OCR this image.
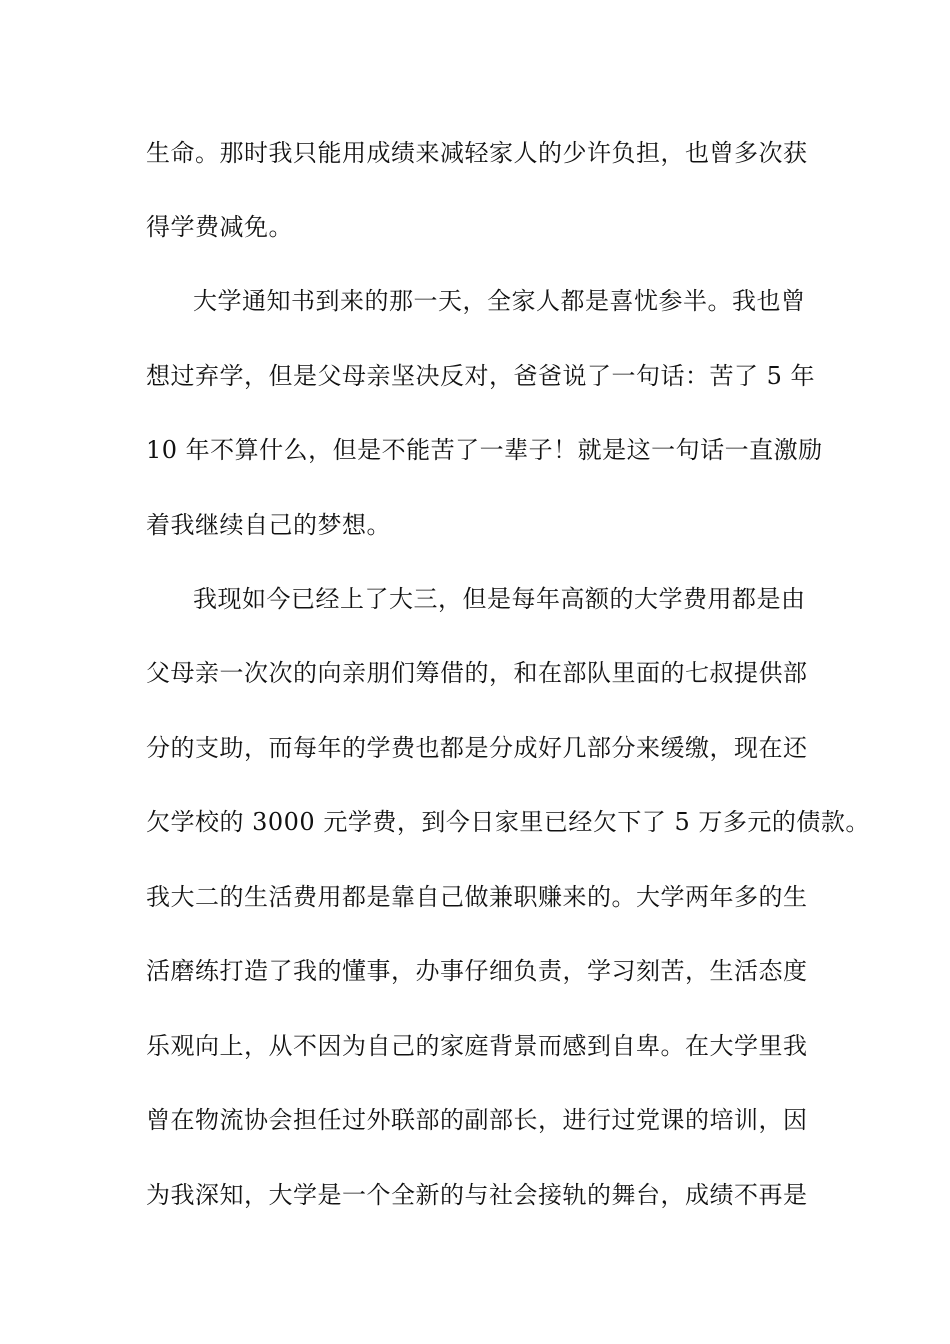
生命。那时我只能用成绩来减轻家人的少许负担，也曾多次获
得学费减免。
大学通知书到来的那一天，全家人都是喜忧参半。我也曾
想过弃学，但是父母亲坚决反对，爸爸说了一句话：苦了 5 年
10 年不算什么，但是不能苦了一辈子！就是这一句话一直激励
着我继续自己的梦想。
我现如今已经上了大三，但是每年高额的大学费用都是由
父母亲一次次的向亲朋们筹借的，和在部队里面的七叔提供部
分的支助，而每年的学费也都是分成好几部分来缓缴，现在还
欠学校的 3000 元学费，到今日家里已经欠下了 5 万多元的债款。
我大二的生活费用都是靠自己做兼职赚来的。大学两年多的生
活磨练打造了我的懂事，办事仔细负责，学习刻苦，生活态度
乐观向上，从不因为自己的家庭背景而感到自卑。在大学里我
曾在物流协会担任过外联部的副部长，进行过党课的培训，因
为我深知，大学是一个全新的与社会接轨的舞台，成绩不再是
